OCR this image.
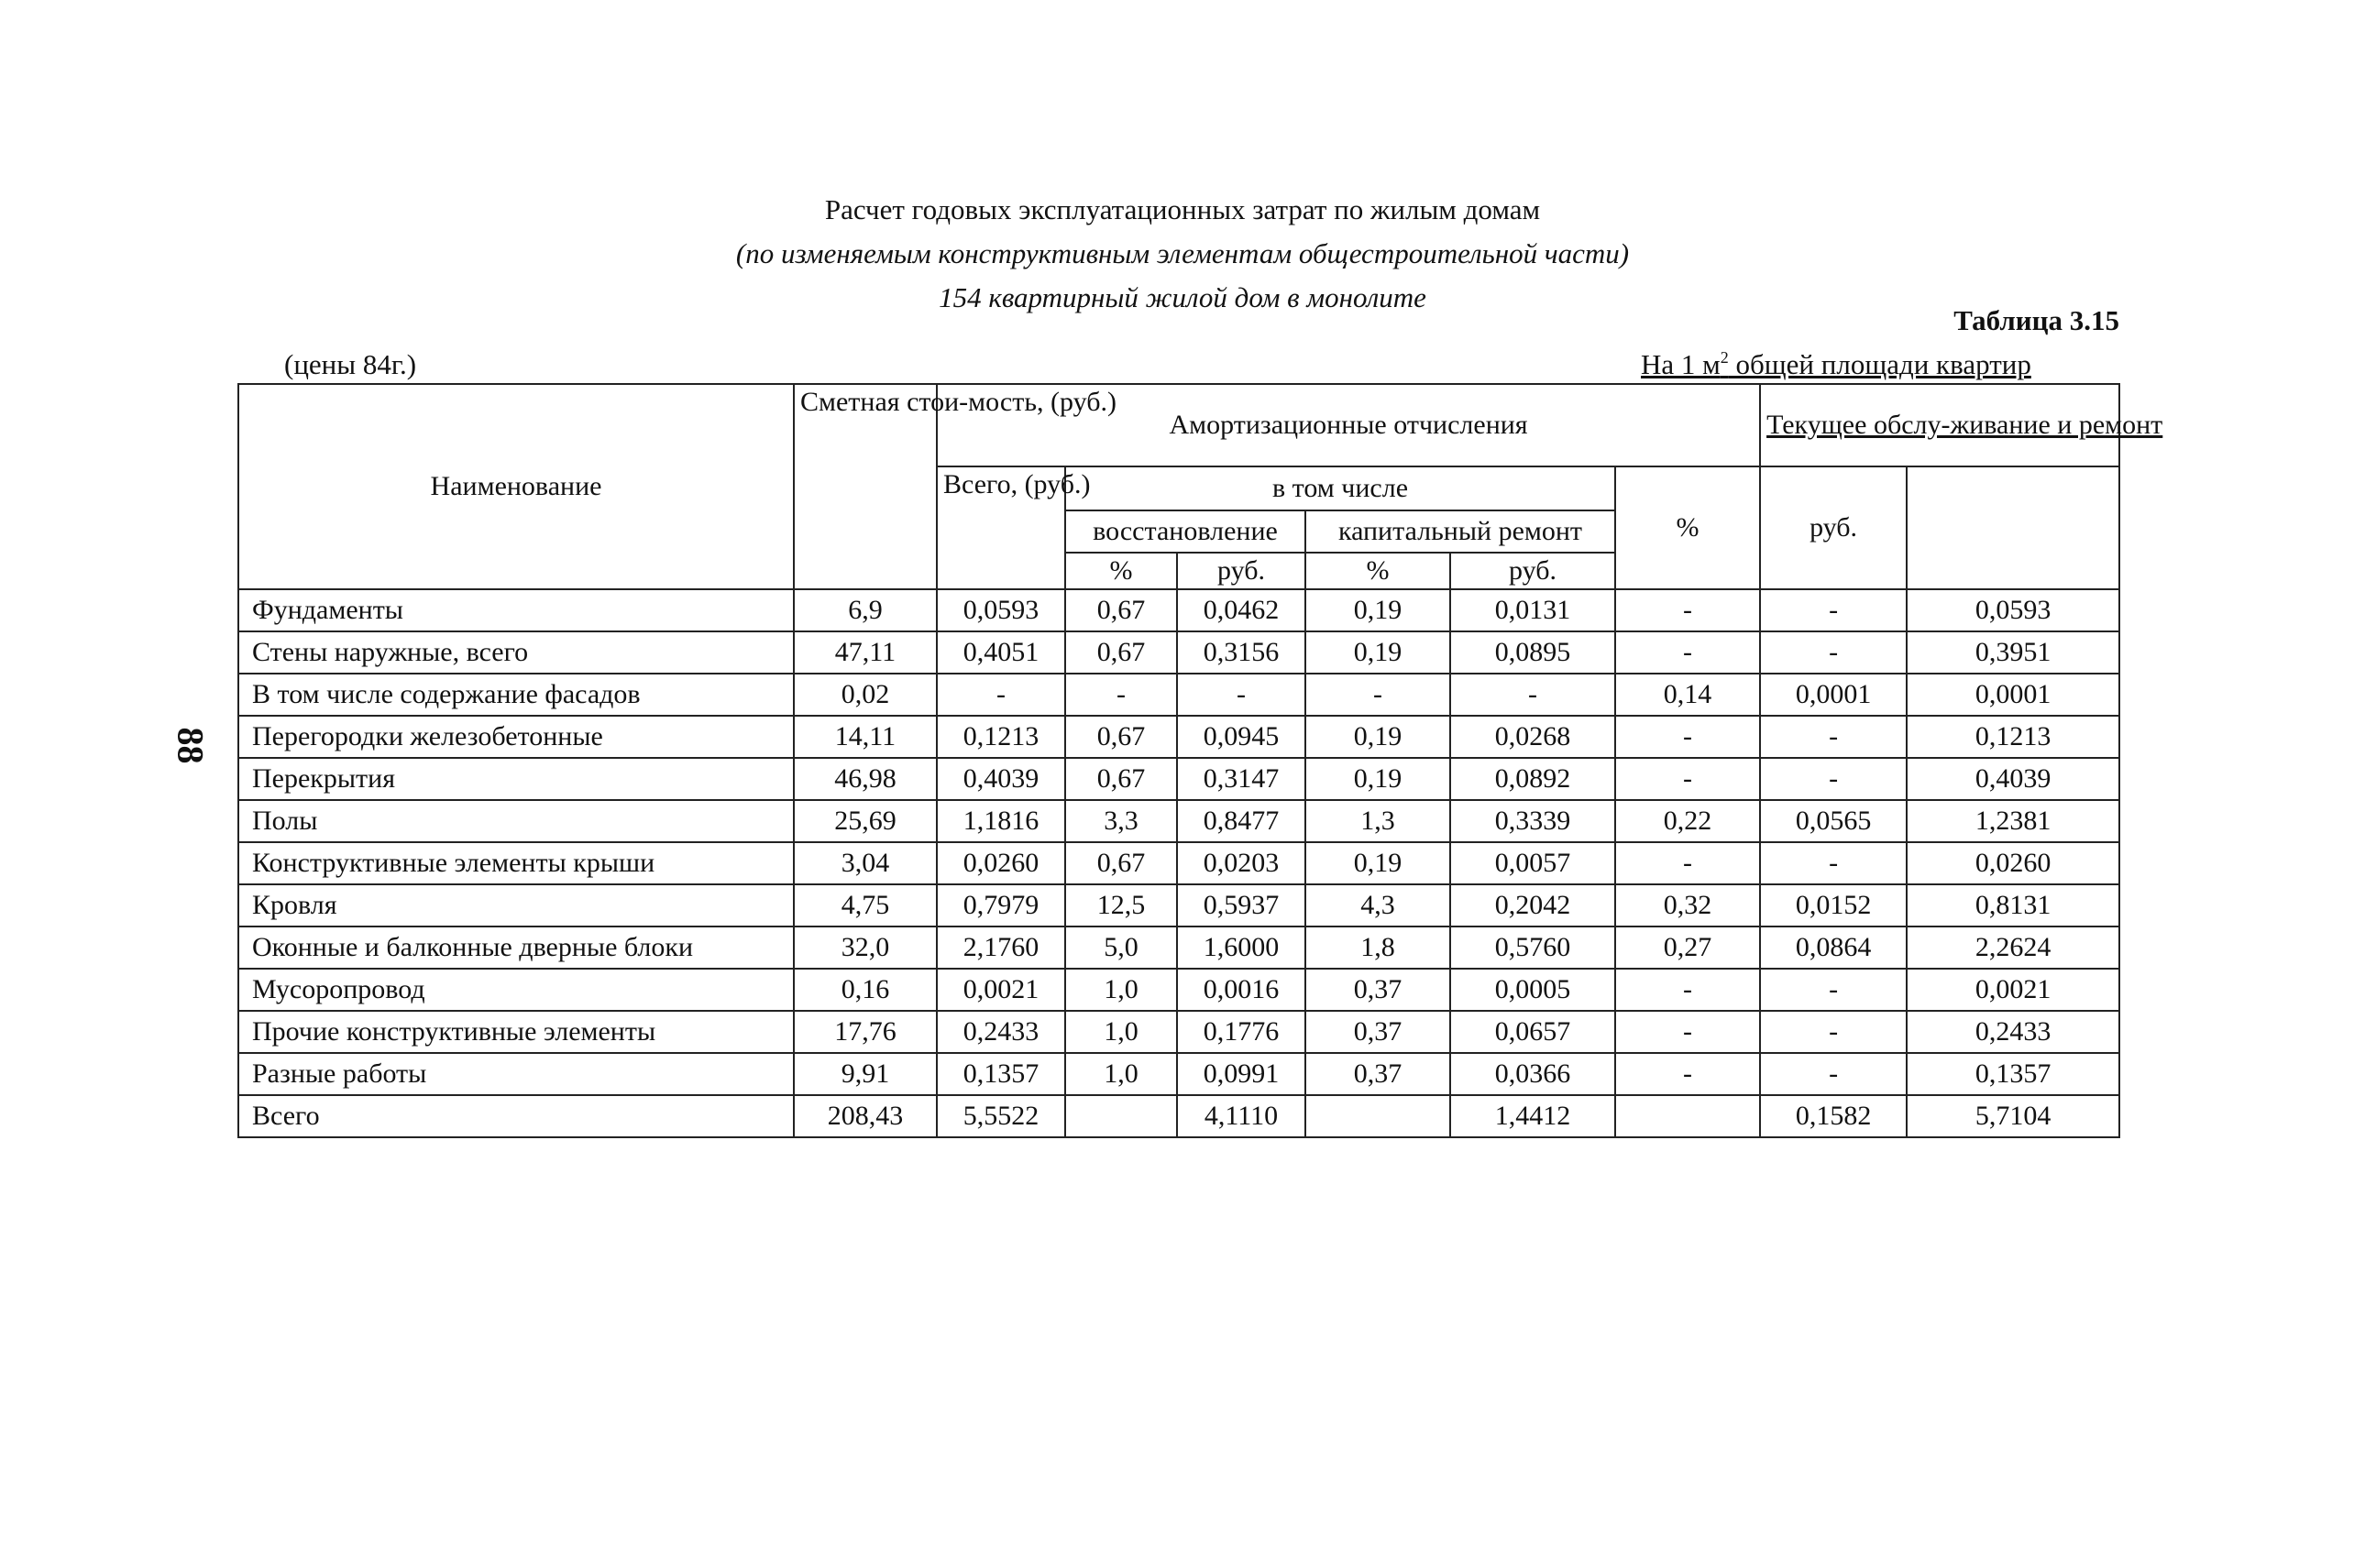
Расчет годовых эксплуатационных затрат по жилым домам
(по изменяемым конструктивным элементам общестроительной части)
154 квартирный жилой дом в монолите
Таблица 3.15
(цены 84г.)	На 1 $м^2$ общей площади квартир
88
Наименование	Сметная стои-мость, (руб.)	Амортизационные отчисления						Текущее обслу-живание и ремонт	
		Всего, (руб.)	в том числе				%	руб.		
			восстановление		капитальный ремонт					
			%	руб.	%	руб.				
Фундаменты	6,9	0,0593	0,67	0,0462	0,19	0,0131	-	-	0,0593	
Стены наружные, всего	47,11	0,4051	0,67	0,3156	0,19	0,0895	-	-	0,3951	
В том числе содержание фасадов	0,02	-	-	-	-	-	0,14	0,0001	0,0001	
Перегородки железобетонные	14,11	0,1213	0,67	0,0945	0,19	0,0268	-	-	0,1213	
Перекрытия	46,98	0,4039	0,67	0,3147	0,19	0,0892	-	-	0,4039	
Полы	25,69	1,1816	3,3	0,8477	1,3	0,3339	0,22	0,0565	1,2381	
Конструктивные элементы крыши	3,04	0,0260	0,67	0,0203	0,19	0,0057	-	-	0,0260	
Кровля	4,75	0,7979	12,5	0,5937	4,3	0,2042	0,32	0,0152	0,8131	
Оконные и балконные дверные блоки	32,0	2,1760	5,0	1,6000	1,8	0,5760	0,27	0,0864	2,2624	
Мусоропровод	0,16	0,0021	1,0	0,0016	0,37	0,0005	-	-	0,0021	
Прочие конструктивные элементы	17,76	0,2433	1,0	0,1776	0,37	0,0657	-	-	0,2433	
Разные работы	9,91	0,1357	1,0	0,0991	0,37	0,0366	-	-	0,1357	
Всего	208,43	5,5522		4,1110		1,4412		0,1582	5,7104	
